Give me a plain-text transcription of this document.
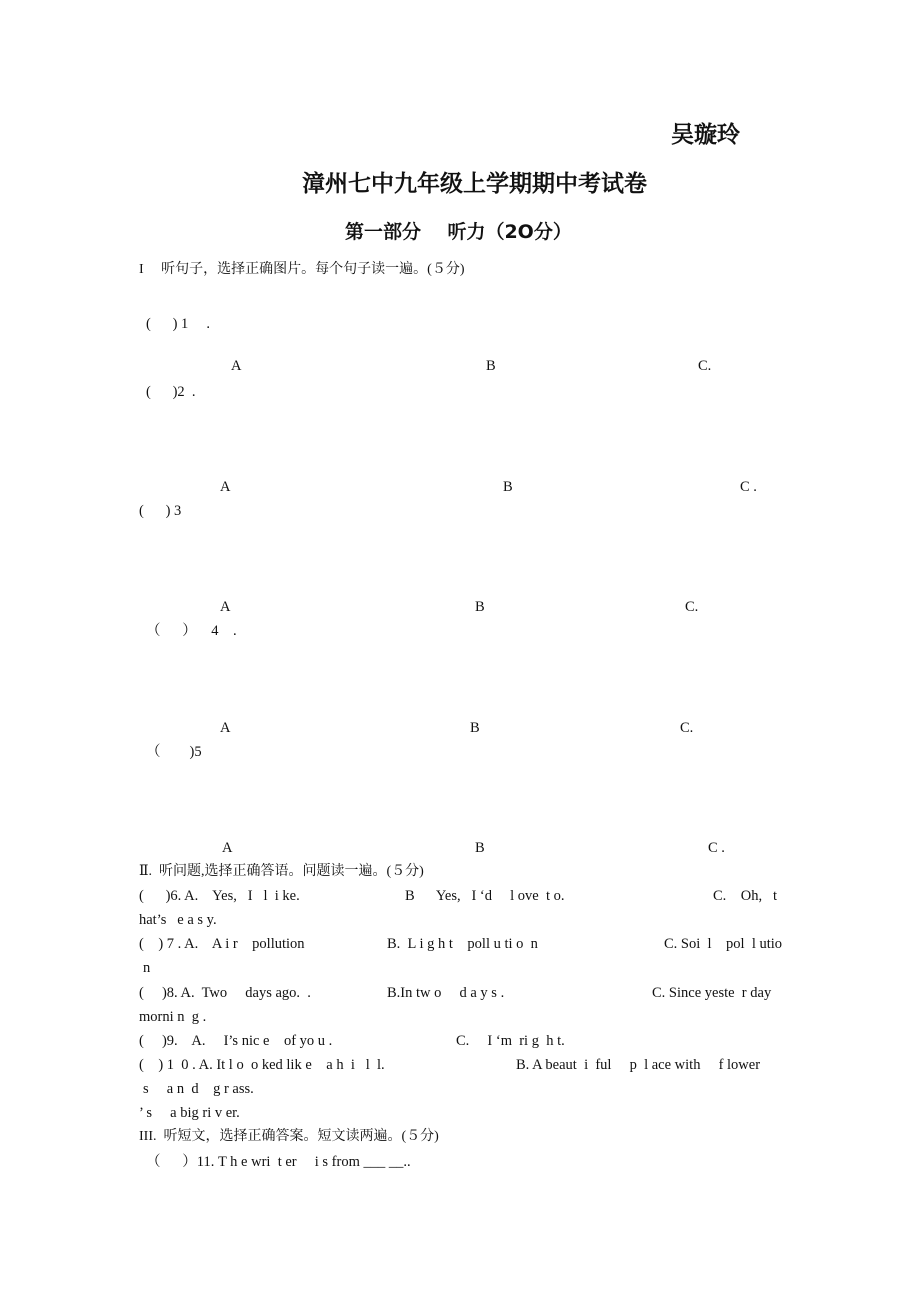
吴璇玲
漳州七中九年级上学期期中考试卷
第一部分    听力（2O分）
I     听句子，选择正确图片。每个句子读一遍。(５分)
(      ) 1     .
A	B	C.
(      )2  .
A	B	C .
(      ) 3
A	B	C.
（      ）    4    .
A	B	C.
（        )5
A	B	C .
Ⅱ.  听问题,选择正确答语。问题读一遍。(５分)
(      )6. A.    Yes,   I   l  i ke.	B      Yes,   I ‘d     l ove  t o.	C.    Oh,   t
hat’s   e a s y.
(    ) 7 . A.    A i r    pollution	B.  L i g h t    poll u ti o  n	C. Soi  l    pol  l utio
n
(     )8. A.  Two     days ago.  .	B.In tw o     d a y s .	C. Since yeste  r day
morni n  g .
(     )9.    A.     I’s nic e    of yo u .	C.     I ‘m  ri g  h t.
(    ) 1  0 . A. It l o  o ked lik e    a h  i   l  l.	B. A beaut  i  ful     p  l ace with     f lower
s     a n  d    g r ass.
’ s     a big ri v er.
III.  听短文，选择正确答案。短文读两遍。(５分)
（      ）11. T h e wri  t er     i s from ___ __..
